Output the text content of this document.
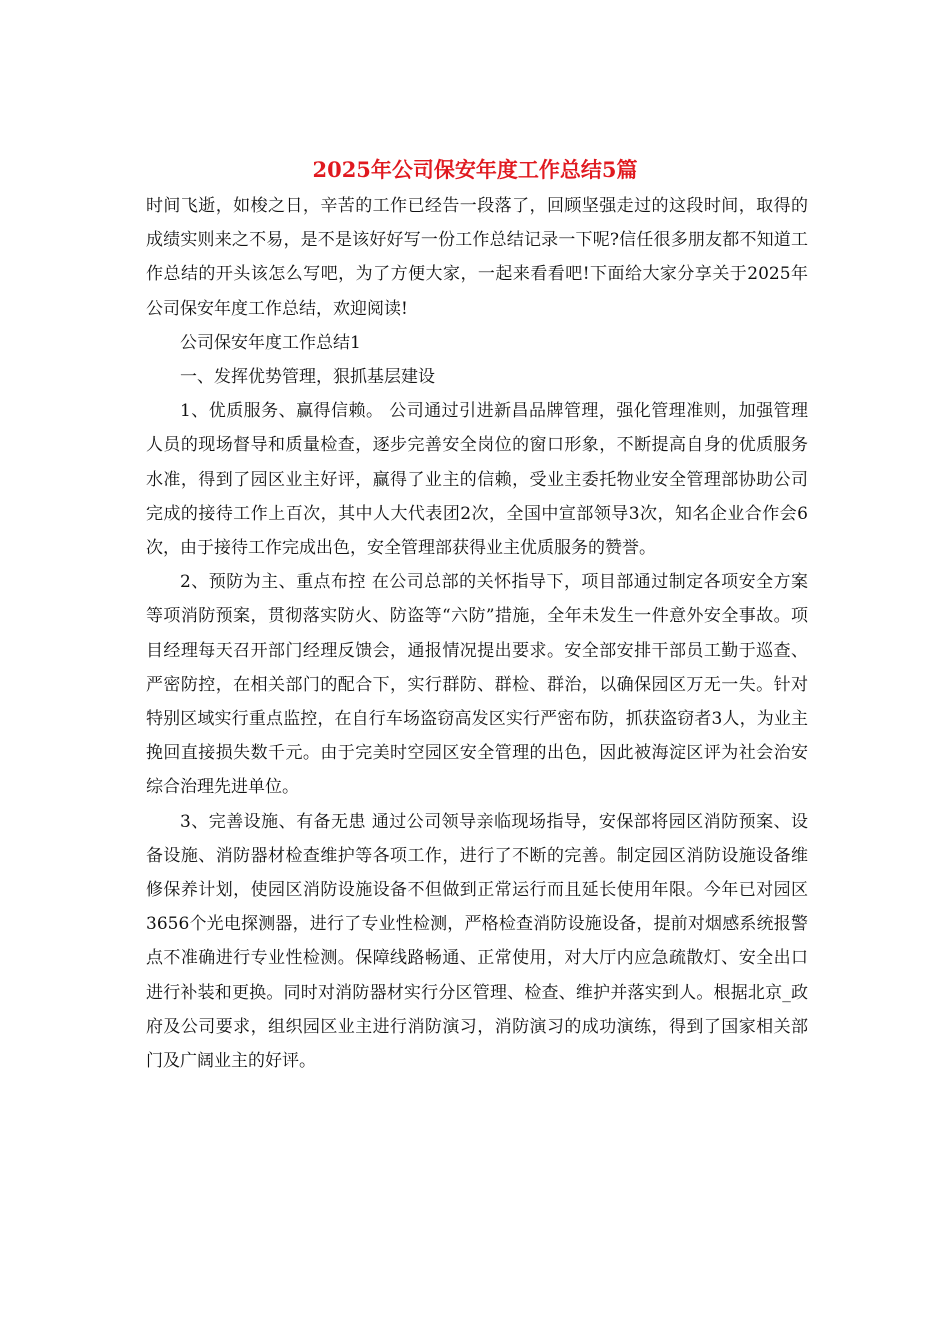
2025年公司保安年度工作总结5篇

时间飞逝，如梭之日，辛苦的工作已经告一段落了，回顾坚强走过的这段时间，取得的成绩实则来之不易，是不是该好好写一份工作总结记录一下呢?信任很多朋友都不知道工作总结的开头该怎么写吧，为了方便大家，一起来看看吧!下面给大家分享关于2025年公司保安年度工作总结，欢迎阅读!

公司保安年度工作总结1

一、发挥优势管理，狠抓基层建设

1、优质服务、赢得信赖。 公司通过引进新昌品牌管理，强化管理准则，加强管理人员的现场督导和质量检查，逐步完善安全岗位的窗口形象，不断提高自身的优质服务水准，得到了园区业主好评，赢得了业主的信赖，受业主委托物业安全管理部协助公司完成的接待工作上百次，其中人大代表团2次，全国中宣部领导3次，知名企业合作会6次，由于接待工作完成出色，安全管理部获得业主优质服务的赞誉。

2、预防为主、重点布控 在公司总部的关怀指导下，项目部通过制定各项安全方案等项消防预案，贯彻落实防火、防盗等“六防”措施，全年未发生一件意外安全事故。项目经理每天召开部门经理反馈会，通报情况提出要求。安全部安排干部员工勤于巡查、严密防控，在相关部门的配合下，实行群防、群检、群治，以确保园区万无一失。针对特别区域实行重点监控，在自行车场盗窃高发区实行严密布防，抓获盗窃者3人，为业主挽回直接损失数千元。由于完美时空园区安全管理的出色，因此被海淀区评为社会治安综合治理先进单位。

3、完善设施、有备无患 通过公司领导亲临现场指导，安保部将园区消防预案、设备设施、消防器材检查维护等各项工作，进行了不断的完善。制定园区消防设施设备维修保养计划，使园区消防设施设备不但做到正常运行而且延长使用年限。今年已对园区3656个光电探测器，进行了专业性检测，严格检查消防设施设备，提前对烟感系统报警点不准确进行专业性检测。保障线路畅通、正常使用，对大厅内应急疏散灯、安全出口进行补装和更换。同时对消防器材实行分区管理、检查、维护并落实到人。根据北京_政府及公司要求，组织园区业主进行消防演习，消防演习的成功演练，得到了国家相关部门及广阔业主的好评。
